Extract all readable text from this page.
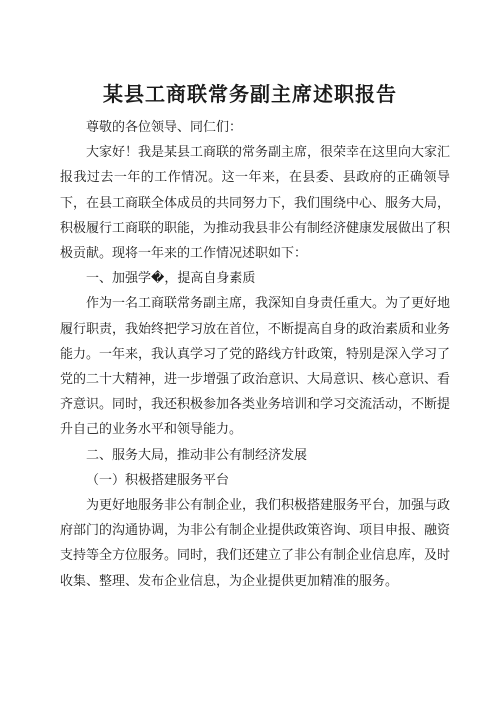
某县工商联常务副主席述职报告

尊敬的各位领导、同仁们：

大家好！我是某县工商联的常务副主席，很荣幸在这里向大家汇报我过去一年的工作情况。这一年来，在县委、县政府的正确领导下，在县工商联全体成员的共同努力下，我们围绕中心、服务大局，积极履行工商联的职能，为推动我县非公有制经济健康发展做出了积极贡献。现将一年来的工作情况述职如下：

一、加强学�，提高自身素质

作为一名工商联常务副主席，我深知自身责任重大。为了更好地履行职责，我始终把学习放在首位，不断提高自身的政治素质和业务能力。一年来，我认真学习了党的路线方针政策，特别是深入学习了党的二十大精神，进一步增强了政治意识、大局意识、核心意识、看齐意识。同时，我还积极参加各类业务培训和学习交流活动，不断提升自己的业务水平和领导能力。

二、服务大局，推动非公有制经济发展

（一）积极搭建服务平台

为更好地服务非公有制企业，我们积极搭建服务平台，加强与政府部门的沟通协调，为非公有制企业提供政策咨询、项目申报、融资支持等全方位服务。同时，我们还建立了非公有制企业信息库，及时收集、整理、发布企业信息，为企业提供更加精准的服务。
